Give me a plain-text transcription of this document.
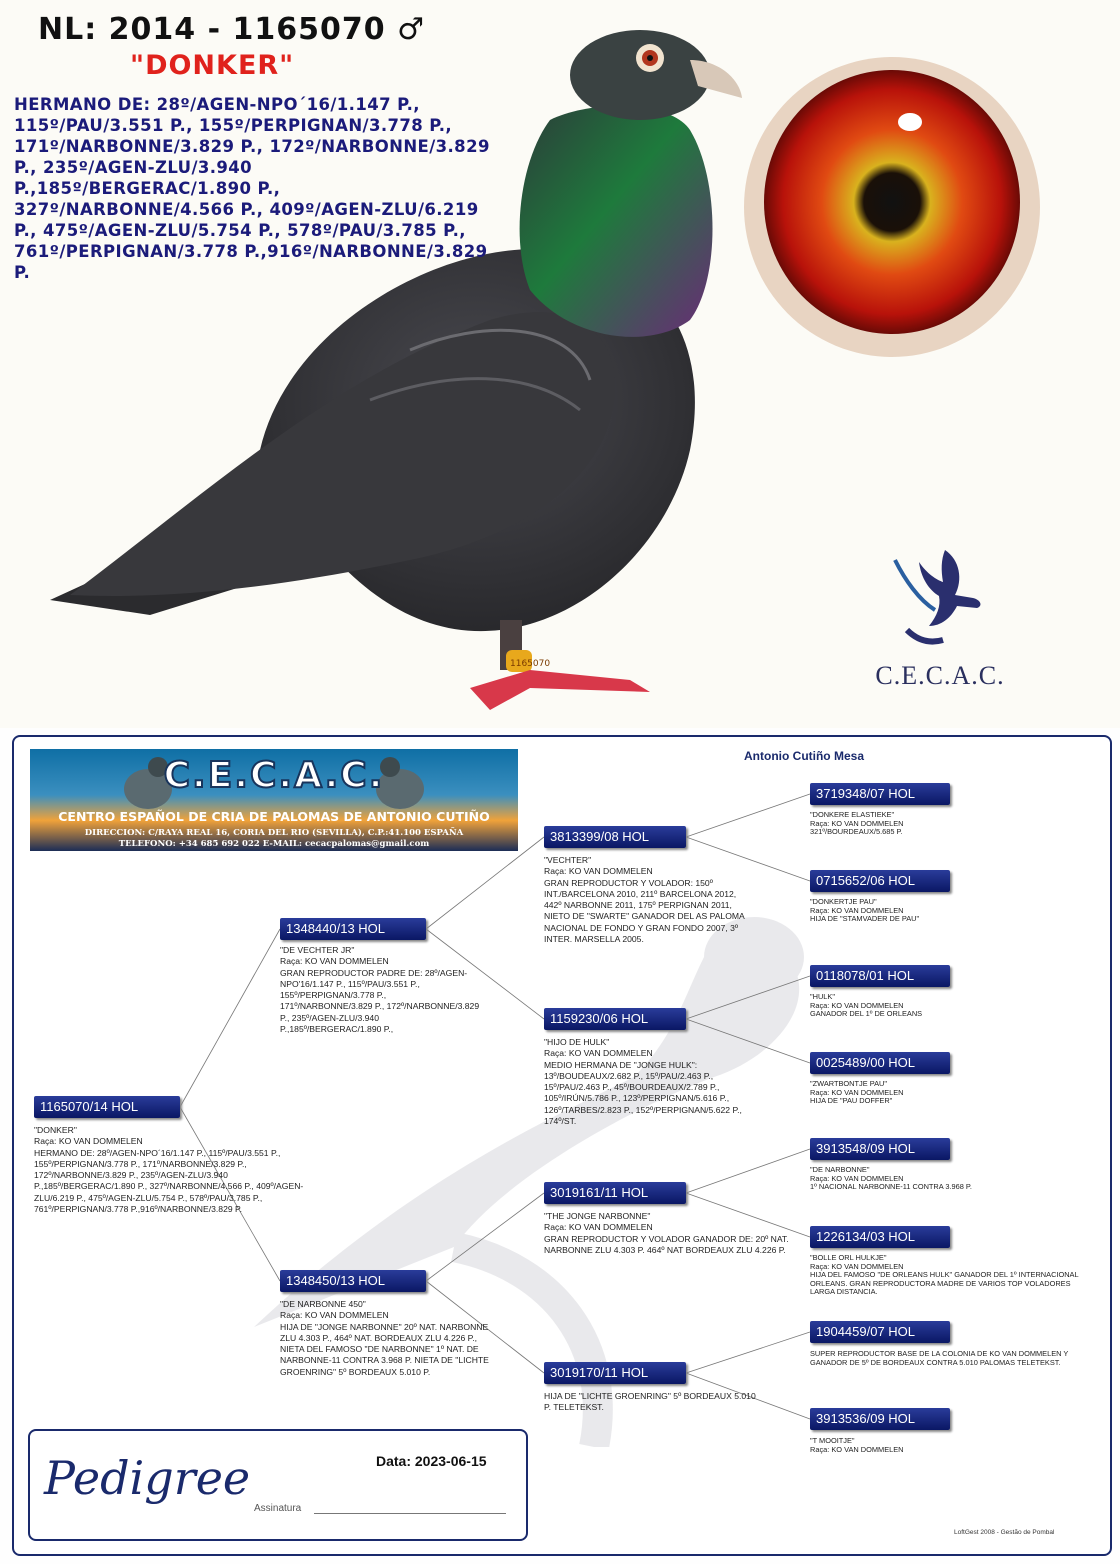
1165070
NL: 2014 - 1165070 ♂
"DONKER"
HERMANO DE: 28º/AGEN-NPO´16/1.147 P., 115º/PAU/3.551 P., 155º/PERPIGNAN/3.778 P., 171º/NARBONNE/3.829 P., 172º/NARBONNE/3.829 P., 235º/AGEN-ZLU/3.940 P.,185º/BERGERAC/1.890 P., 327º/NARBONNE/4.566 P., 409º/AGEN-ZLU/6.219 P., 475º/AGEN-ZLU/5.754 P., 578º/PAU/3.785 P., 761º/PERPIGNAN/3.778 P.,916º/NARBONNE/3.829 P.
C.E.C.A.C.
C.E.C.A.C.
CENTRO ESPAÑOL DE CRIA DE PALOMAS DE ANTONIO CUTIÑO
DIRECCION: C/RAYA REAL 16, CORIA DEL RIO (SEVILLA), C.P.:41.100 ESPAÑA
TELEFONO: +34 685 692 022 E-MAIL: cecacpalomas@gmail.com
Antonio Cutiño Mesa
1165070/14 HOL
"DONKER"
Raça: KO VAN DOMMELEN
HERMANO DE: 28º/AGEN-NPO´16/1.147 P., 115º/PAU/3.551 P., 155º/PERPIGNAN/3.778 P., 171º/NARBONNE/3.829 P., 172º/NARBONNE/3.829 P., 235º/AGEN-ZLU/3.940 P.,185º/BERGERAC/1.890 P., 327º/NARBONNE/4.566 P., 409º/AGEN-ZLU/6.219 P., 475º/AGEN-ZLU/5.754 P., 578º/PAU/3.785 P., 761º/PERPIGNAN/3.778 P.,916º/NARBONNE/3.829 P.
1348440/13 HOL
"DE VECHTER JR"
Raça: KO VAN DOMMELEN
GRAN REPRODUCTOR PADRE DE: 28º/AGEN-NPO'16/1.147 P., 115º/PAU/3.551 P., 155º/PERPIGNAN/3.778 P., 171º/NARBONNE/3.829 P., 172º/NARBONNE/3.829 P., 235º/AGEN-ZLU/3.940 P.,185º/BERGERAC/1.890 P.,
1348450/13 HOL
"DE NARBONNE 450"
Raça: KO VAN DOMMELEN
HIJA DE "JONGE NARBONNE" 20º NAT. NARBONNE ZLU 4.303 P., 464º NAT. BORDEAUX ZLU 4.226 P., NIETA DEL FAMOSO "DE NARBONNE" 1º NAT. DE NARBONNE-11 CONTRA 3.968 P. NIETA DE "LICHTE GROENRING" 5º BORDEAUX 5.010 P.
3813399/08 HOL
"VECHTER"
Raça: KO VAN DOMMELEN
GRAN REPRODUCTOR Y VOLADOR: 150º INT./BARCELONA 2010, 211º BARCELONA 2012, 442º NARBONNE 2011, 175º PERPIGNAN 2011, NIETO DE "SWARTE" GANADOR DEL AS PALOMA NACIONAL DE FONDO Y GRAN FONDO 2007, 3º INTER. MARSELLA 2005.
1159230/06 HOL
"HIJO DE HULK"
Raça: KO VAN DOMMELEN
MEDIO HERMANA DE "JONGE HULK": 13º/BOUDEAUX/2.682 P., 15º/PAU/2.463 P., 15º/PAU/2.463 P., 45º/BOURDEAUX/2.789 P., 105º/IRÚN/5.786 P., 123º/PERPIGNAN/5.616 P., 126º/TARBES/2.823 P., 152º/PERPIGNAN/5.622 P., 174º/ST.
3019161/11 HOL
"THE JONGE NARBONNE"
Raça: KO VAN DOMMELEN
GRAN REPRODUCTOR Y VOLADOR GANADOR DE: 20º NAT. NARBONNE ZLU 4.303 P. 464º NAT BORDEAUX ZLU 4.226 P.
3019170/11 HOL
HIJA DE "LICHTE GROENRING" 5º BORDEAUX 5.010 P. TELETEKST.
3719348/07 HOL
"DONKERE ELASTIEKE"
Raça: KO VAN DOMMELEN
321º/BOURDEAUX/5.685 P.
0715652/06 HOL
"DONKERTJE PAU"
Raça: KO VAN DOMMELEN
HIJA DE "STAMVADER DE PAU"
0118078/01 HOL
"HULK"
Raça: KO VAN DOMMELEN
GANADOR DEL 1º DE ORLEANS
0025489/00 HOL
"ZWARTBONTJE PAU"
Raça: KO VAN DOMMELEN
HIJA DE "PAU DOFFER"
3913548/09 HOL
"DE NARBONNE"
Raça: KO VAN DOMMELEN
1º NACIONAL NARBONNE-11 CONTRA 3.968 P.
1226134/03 HOL
"BOLLE ORL HULKJE"
Raça: KO VAN DOMMELEN
HIJA DEL FAMOSO "DE ORLEANS HULK" GANADOR DEL 1º INTERNACIONAL ORLEANS. GRAN REPRODUCTORA MADRE DE VARIOS TOP VOLADORES LARGA DISTANCIA.
1904459/07 HOL
SUPER REPRODUCTOR BASE DE LA COLONIA DE KO VAN DOMMELEN Y GANADOR DE 5º DE BORDEAUX CONTRA 5.010 PALOMAS TELETEKST.
3913536/09 HOL
"T MOOITJE"
Raça: KO VAN DOMMELEN
Pedigree	Data: 2023-06-15
Assinatura
LoftGest 2008 - Gestão de Pombal
